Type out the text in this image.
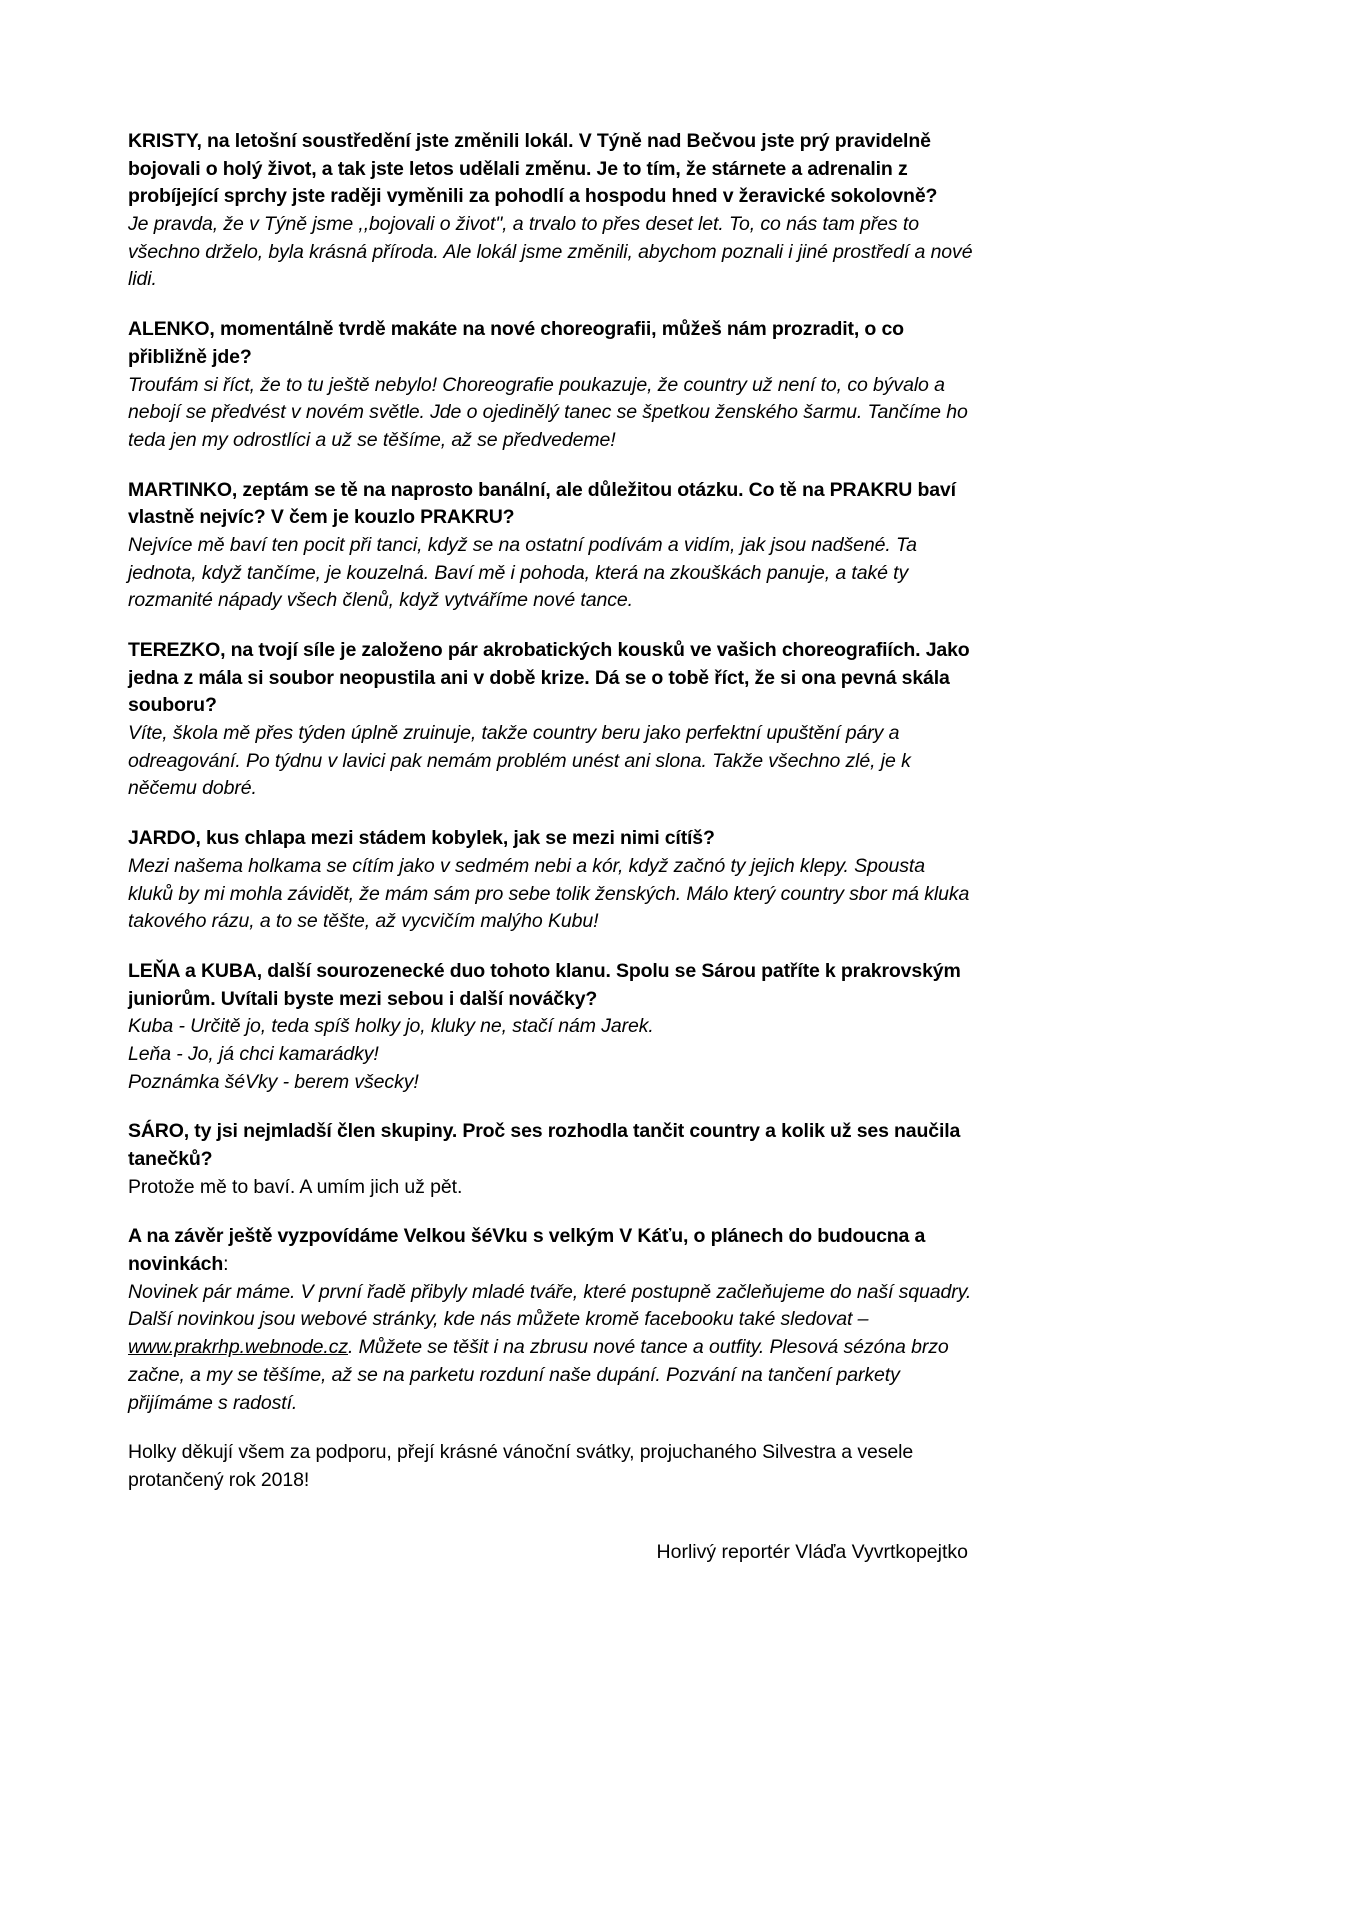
KRISTY, na letošní soustředění jste změnili lokál. V Týně nad Bečvou jste prý pravidelně bojovali o holý život, a tak jste letos udělali změnu. Je to tím, že stárnete a adrenalin z probíjející sprchy jste raději vyměnili za pohodlí a hospodu hned v žeravické sokolovně?

Je pravda, že v Týně jsme ,,bojovali o život", a trvalo to přes deset let. To, co nás tam přes to všechno drželo, byla krásná příroda. Ale lokál jsme změnili, abychom poznali i jiné prostředí a nové lidi.

ALENKO, momentálně tvrdě makáte na nové choreografii, můžeš nám prozradit, o co přibližně jde?

Troufám si říct, že to tu ještě nebylo! Choreografie poukazuje, že country už není to, co bývalo a nebojí se předvést v novém světle. Jde o ojedinělý tanec se špetkou ženského šarmu. Tančíme ho teda jen my odrostlíci a už se těšíme, až se předvedeme!

MARTINKO, zeptám se tě na naprosto banální, ale důležitou otázku. Co tě na PRAKRU baví vlastně nejvíc? V čem je kouzlo PRAKRU?

Nejvíce mě baví ten pocit při tanci, když se na ostatní podívám a vidím, jak jsou nadšené. Ta jednota, když tančíme, je kouzelná. Baví mě i pohoda, která na zkouškách panuje, a také ty rozmanité nápady všech členů, když vytváříme nové tance.

TEREZKO, na tvojí síle je založeno pár akrobatických kousků ve vašich choreografiích. Jako jedna z mála si soubor neopustila ani v době krize. Dá se o tobě říct, že si ona pevná skála souboru?

Víte, škola mě přes týden úplně zruinuje, takže country beru jako perfektní upuštění páry a odreagování. Po týdnu v lavici pak nemám problém unést ani slona. Takže všechno zlé, je k něčemu dobré.

JARDO, kus chlapa mezi stádem kobylek, jak se mezi nimi cítíš?

Mezi našema holkama se cítím jako v sedmém nebi a kór, když začnó ty jejich klepy. Spousta kluků by mi mohla závidět, že mám sám pro sebe tolik ženských. Málo který country sbor má kluka takového rázu, a to se těšte, až vycvičím malýho Kubu!

LEŇA a KUBA, další sourozenecké duo tohoto klanu. Spolu se Sárou patříte k prakrovským juniorům. Uvítali byste mezi sebou i další nováčky?

Kuba - Určitě jo, teda spíš holky jo, kluky ne, stačí nám Jarek.

Leňa - Jo, já chci kamarádky!

Poznámka šéVky - berem všecky!

SÁRO, ty jsi nejmladší člen skupiny. Proč ses rozhodla tančit country a kolik už ses naučila tanečků?

Protože mě to baví. A umím jich už pět.

A na závěr ještě vyzpovídáme Velkou šéVku s velkým V Káťu, o plánech do budoucna a novinkách:

Novinek pár máme. V první řadě přibyly mladé tváře, které postupně začleňujeme do naší squadry. Další novinkou jsou webové stránky, kde nás můžete kromě facebooku také sledovat – www.prakrhp.webnode.cz. Můžete se těšit i na zbrusu nové tance a outfity. Plesová sézóna brzo začne, a my se těšíme, až se na parketu rozduní naše dupání. Pozvání na tančení parkety přijímáme s radostí.

Holky děkují všem za podporu, přejí krásné vánoční svátky, projuchaného Silvestra a vesele protančený rok 2018!

Horlivý reportér Vláďa Vyvrtkopejtko
